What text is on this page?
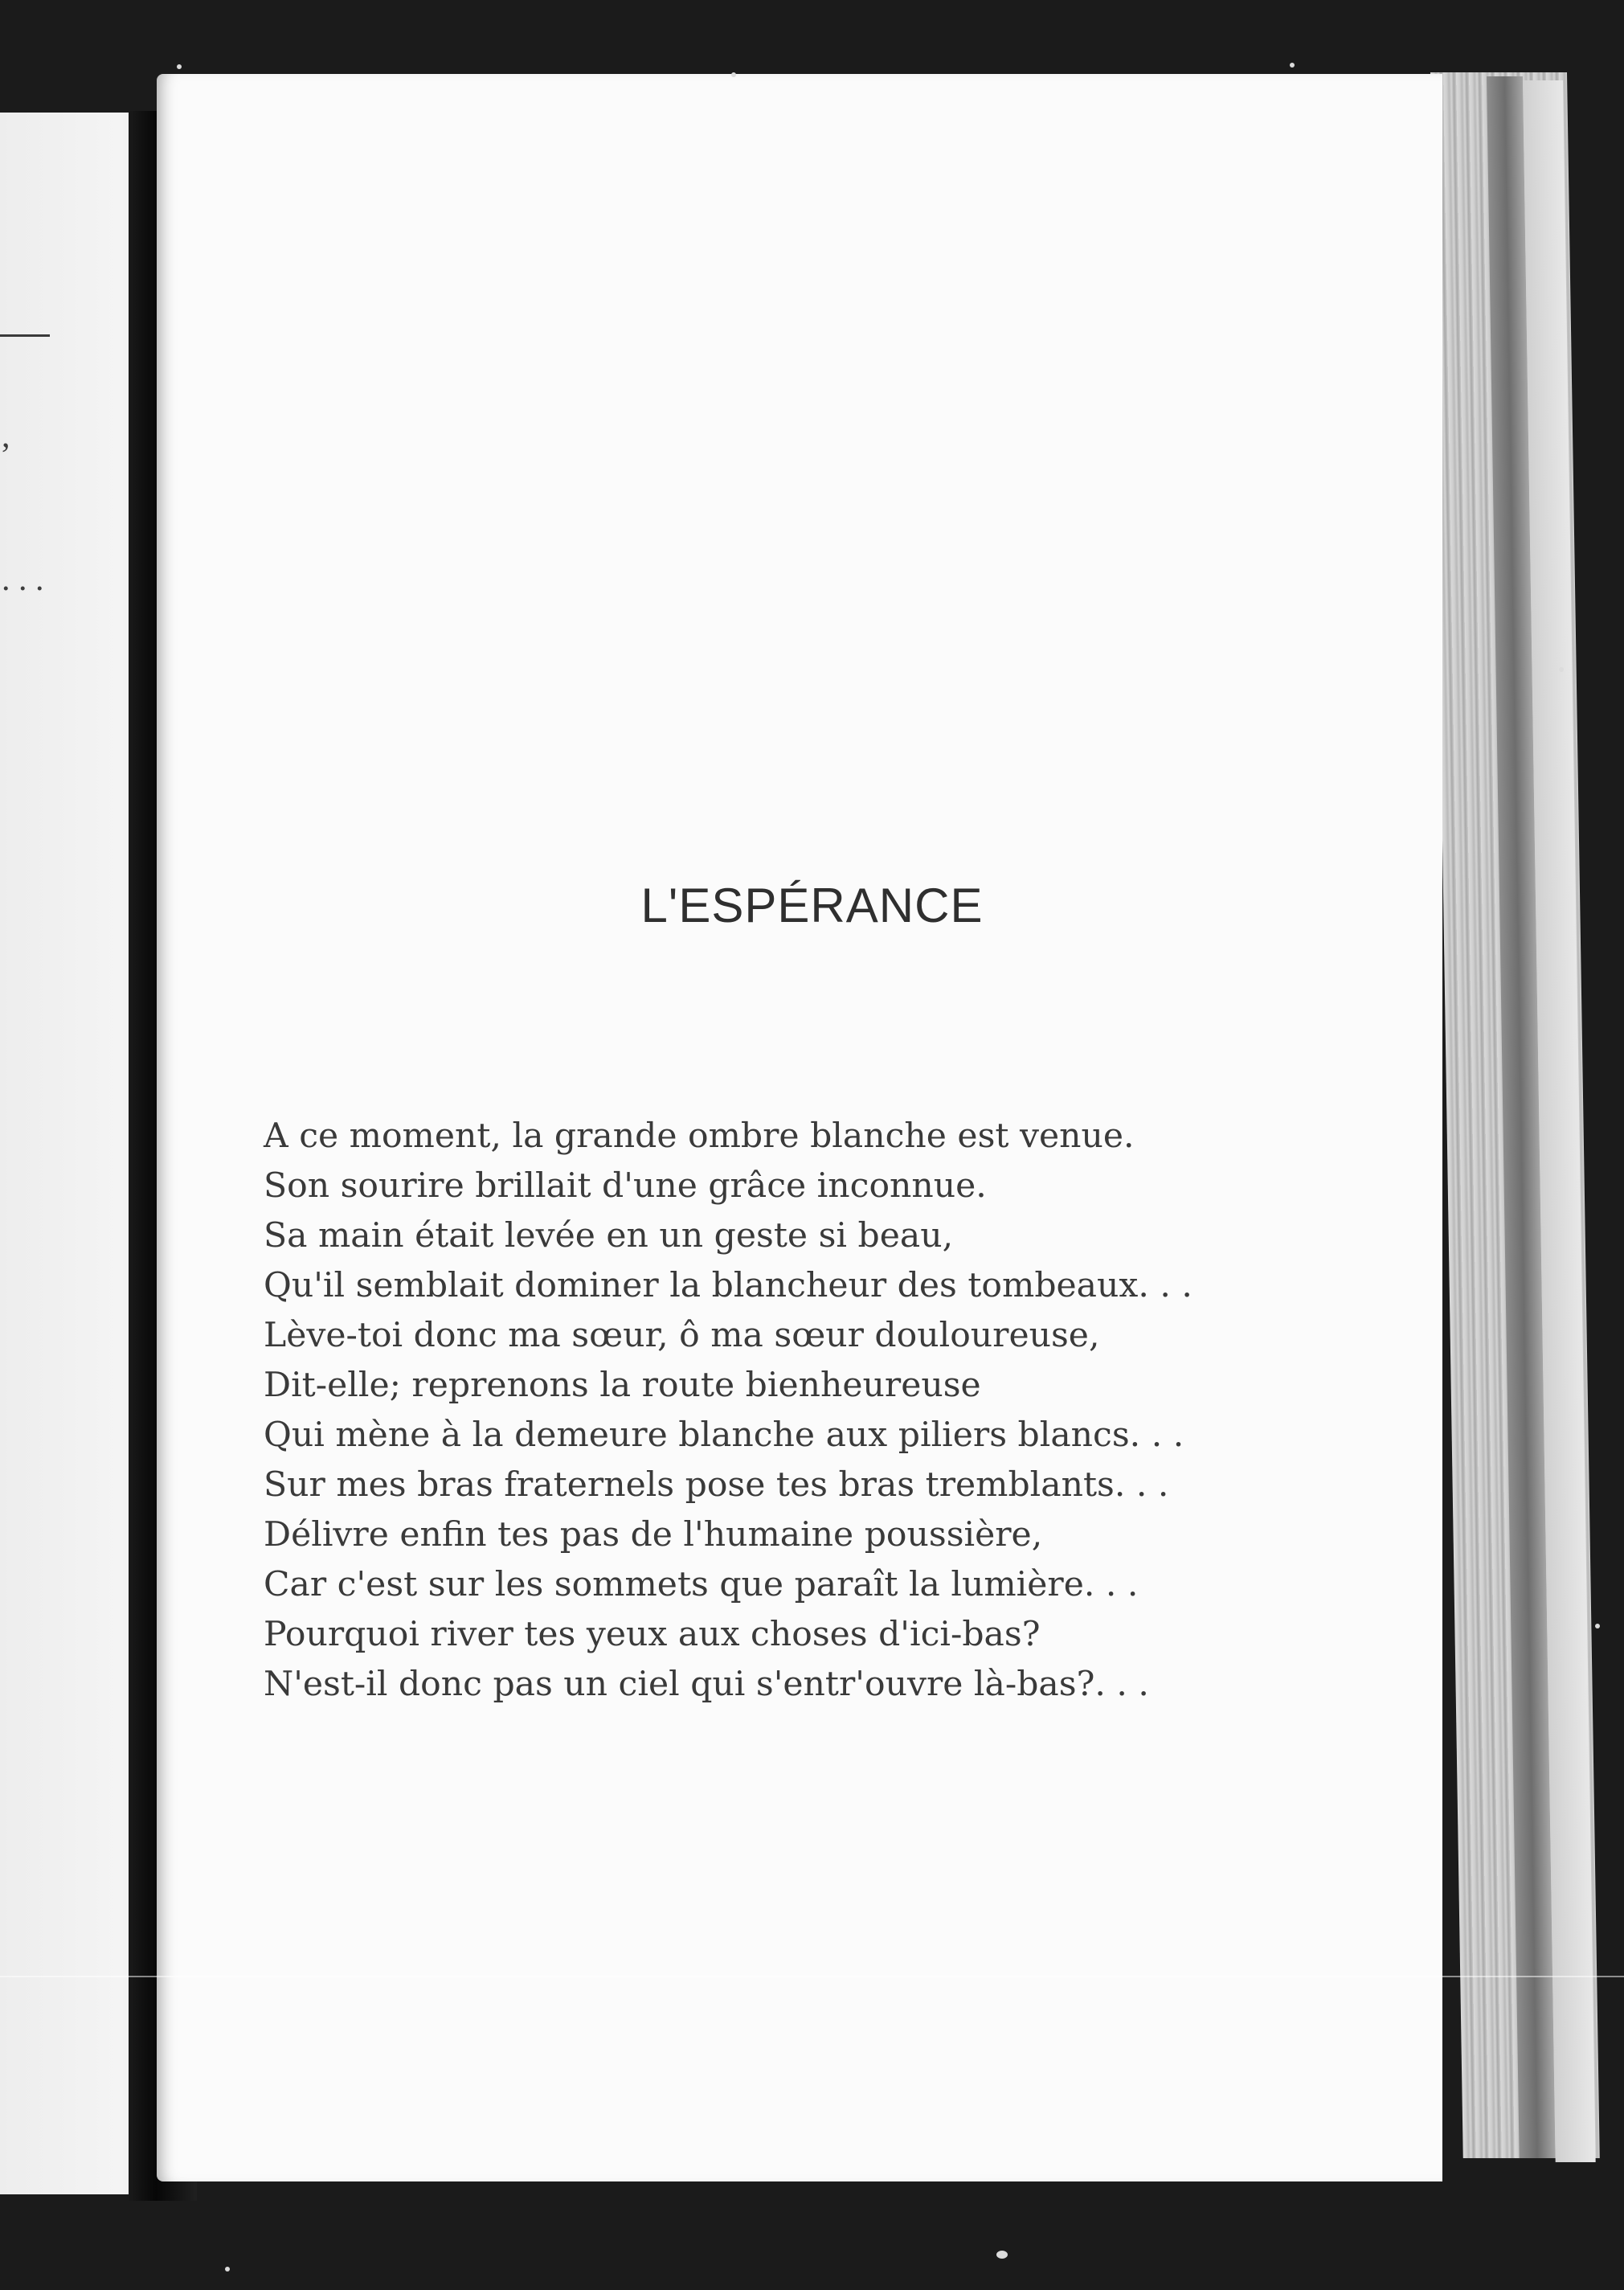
,
. . .
L'ESPÉRANCE
A ce moment, la grande ombre blanche est venue.
Son sourire brillait d'une grâce inconnue.
Sa main était levée en un geste si beau,
Qu'il semblait dominer la blancheur des tombeaux. . .
Lève-toi donc ma sœur, ô ma sœur douloureuse,
Dit-elle; reprenons la route bienheureuse
Qui mène à la demeure blanche aux piliers blancs. . .
Sur mes bras fraternels pose tes bras tremblants. . .
Délivre enfin tes pas de l'humaine poussière,
Car c'est sur les sommets que paraît la lumière. . .
Pourquoi river tes yeux aux choses d'ici-bas?
N'est-il donc pas un ciel qui s'entr'ouvre là-bas?. . .
